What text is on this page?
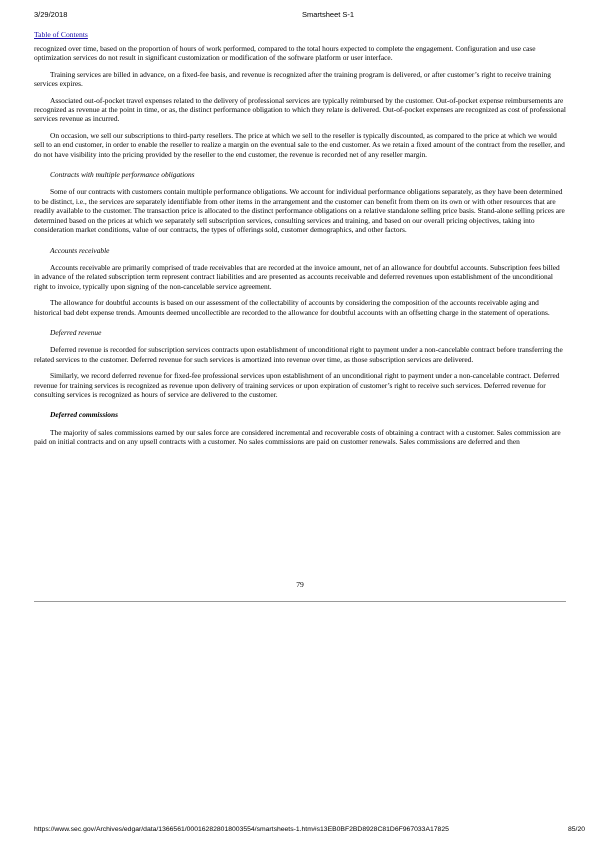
3/29/2018	Smartsheet S-1
Table of Contents

recognized over time, based on the proportion of hours of work performed, compared to the total hours expected to complete the engagement. Configuration and use case optimization services do not result in significant customization or modification of the software platform or user interface.

Training services are billed in advance, on a fixed-fee basis, and revenue is recognized after the training program is delivered, or after customer’s right to receive training services expires.

Associated out-of-pocket travel expenses related to the delivery of professional services are typically reimbursed by the customer. Out-of-pocket expense reimbursements are recognized as revenue at the point in time, or as, the distinct performance obligation to which they relate is delivered. Out-of-pocket expenses are recognized as cost of professional services revenue as incurred.

On occasion, we sell our subscriptions to third-party resellers. The price at which we sell to the reseller is typically discounted, as compared to the price at which we would sell to an end customer, in order to enable the reseller to realize a margin on the eventual sale to the end customer. As we retain a fixed amount of the contract from the reseller, and do not have visibility into the pricing provided by the reseller to the end customer, the revenue is recorded net of any reseller margin.

Contracts with multiple performance obligations

Some of our contracts with customers contain multiple performance obligations. We account for individual performance obligations separately, as they have been determined to be distinct, i.e., the services are separately identifiable from other items in the arrangement and the customer can benefit from them on its own or with other resources that are readily available to the customer. The transaction price is allocated to the distinct performance obligations on a relative standalone selling price basis. Stand-alone selling prices are determined based on the prices at which we separately sell subscription services, consulting services and training, and based on our overall pricing objectives, taking into consideration market conditions, value of our contracts, the types of offerings sold, customer demographics, and other factors.

Accounts receivable

Accounts receivable are primarily comprised of trade receivables that are recorded at the invoice amount, net of an allowance for doubtful accounts. Subscription fees billed in advance of the related subscription term represent contract liabilities and are presented as accounts receivable and deferred revenues upon establishment of the unconditional right to invoice, typically upon signing of the non-cancelable service agreement.

The allowance for doubtful accounts is based on our assessment of the collectability of accounts by considering the composition of the accounts receivable aging and historical bad debt expense trends. Amounts deemed uncollectible are recorded to the allowance for doubtful accounts with an offsetting charge in the statement of operations.

Deferred revenue

Deferred revenue is recorded for subscription services contracts upon establishment of unconditional right to payment under a non-cancelable contract before transferring the related services to the customer. Deferred revenue for such services is amortized into revenue over time, as those subscription services are delivered.

Similarly, we record deferred revenue for fixed-fee professional services upon establishment of an unconditional right to payment under a non-cancelable contract. Deferred revenue for training services is recognized as revenue upon delivery of training services or upon expiration of customer’s right to receive such services. Deferred revenue for consulting services is recognized as hours of service are delivered to the customer.

Deferred commissions

The majority of sales commissions earned by our sales force are considered incremental and recoverable costs of obtaining a contract with a customer. Sales commission are paid on initial contracts and on any upsell contracts with a customer. No sales commissions are paid on customer renewals. Sales commissions are deferred and then

79
https://www.sec.gov/Archives/edgar/data/1366561/000162828018003554/smartsheets-1.htm#s13EB0BF2BD8928C81D6F967033A17825	85/20
